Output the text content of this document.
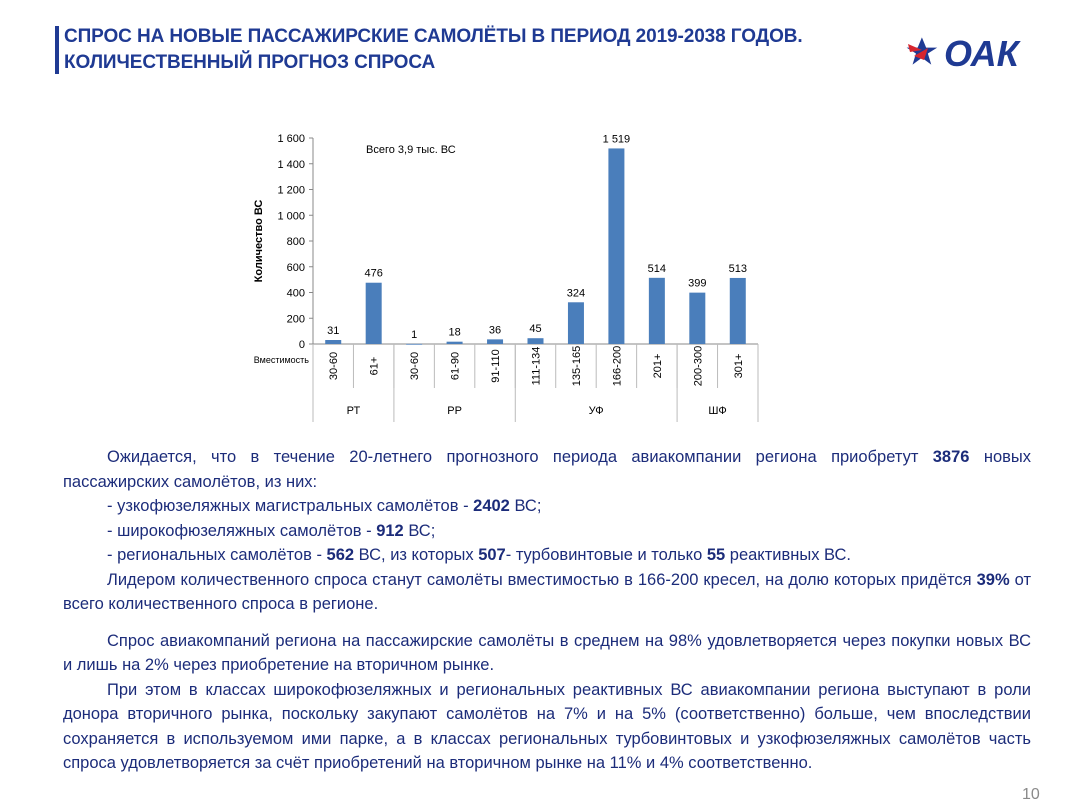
СПРОС НА НОВЫЕ ПАССАЖИРСКИЕ САМОЛЁТЫ В ПЕРИОД 2019-2038 ГОДОВ.
КОЛИЧЕСТВЕННЫЙ ПРОГНОЗ СПРОСА	ОАК
0
200
400
600
800
1 000
1 200
1 400
1 600
Количество ВС
Всего 3,9 тыс. ВС
Вместимость
31
30-60
476
61+
1
30-60
18
61-90
36
91-110
45
111-134
324
135-165
1 519
166-200
514
201+
399
200-300
513
301+
РТ	РР	УФ	ШФ

Ожидается, что в течение 20-летнего прогнозного периода авиакомпании региона приобретут 3876 новых пассажирских самолётов, из них:

- узкофюзеляжных магистральных самолётов - 2402 ВС;

- широкофюзеляжных самолётов - 912 ВС;

- региональных самолётов - 562 ВС, из которых 507- турбовинтовые и только 55 реактивных ВС.

Лидером количественного спроса станут самолёты вместимостью в 166-200 кресел, на долю которых придётся 39% от всего количественного спроса в регионе.

Спрос авиакомпаний региона на пассажирские самолёты в среднем на 98% удовлетворяется через покупки новых ВС и лишь на 2% через приобретение на вторичном рынке.

При этом в классах широкофюзеляжных и региональных реактивных ВС авиакомпании региона выступают в роли донора вторичного рынка, поскольку закупают самолётов на 7% и на 5% (соответственно) больше, чем впоследствии сохраняется в используемом ими парке, а в классах региональных турбовинтовых и узкофюзеляжных самолётов часть спроса удовлетворяется за счёт приобретений на вторичном рынке на 11% и 4% соответственно.

10
